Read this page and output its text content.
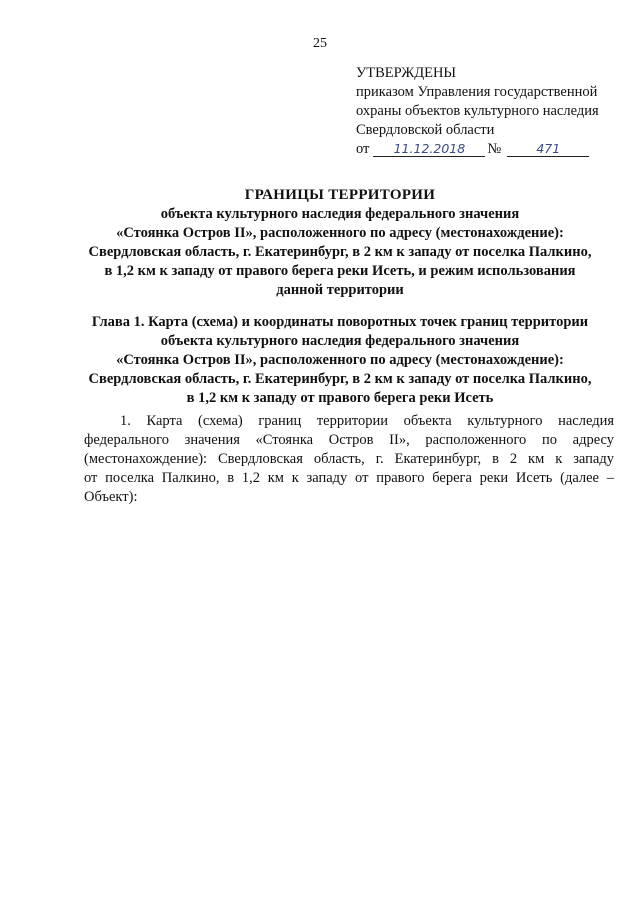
25
УТВЕРЖДЕНЫ
приказом Управления государственной
охраны объектов культурного наследия
Свердловской области
от	11.12.2018	№	471
ГРАНИЦЫ ТЕРРИТОРИИ
объекта культурного наследия федерального значения
«Стоянка Остров II», расположенного по адресу (местонахождение):
Свердловская область, г. Екатеринбург, в 2 км к западу от поселка Палкино,
в 1,2 км к западу от правого берега реки Исеть, и режим использования
данной территории
Глава 1. Карта (схема) и координаты поворотных точек границ территории
объекта культурного наследия федерального значения
«Стоянка Остров II», расположенного по адресу (местонахождение):
Свердловская область, г. Екатеринбург, в 2 км к западу от поселка Палкино,
в 1,2 км к западу от правого берега реки Исеть
1. Карта (схема) границ территории объекта культурного наследия
федерального значения «Стоянка Остров II», расположенного по адресу
(местонахождение): Свердловская область, г. Екатеринбург, в 2 км к западу
от поселка Палкино, в 1,2 км к западу от правого берега реки Исеть (далее –
Объект):
